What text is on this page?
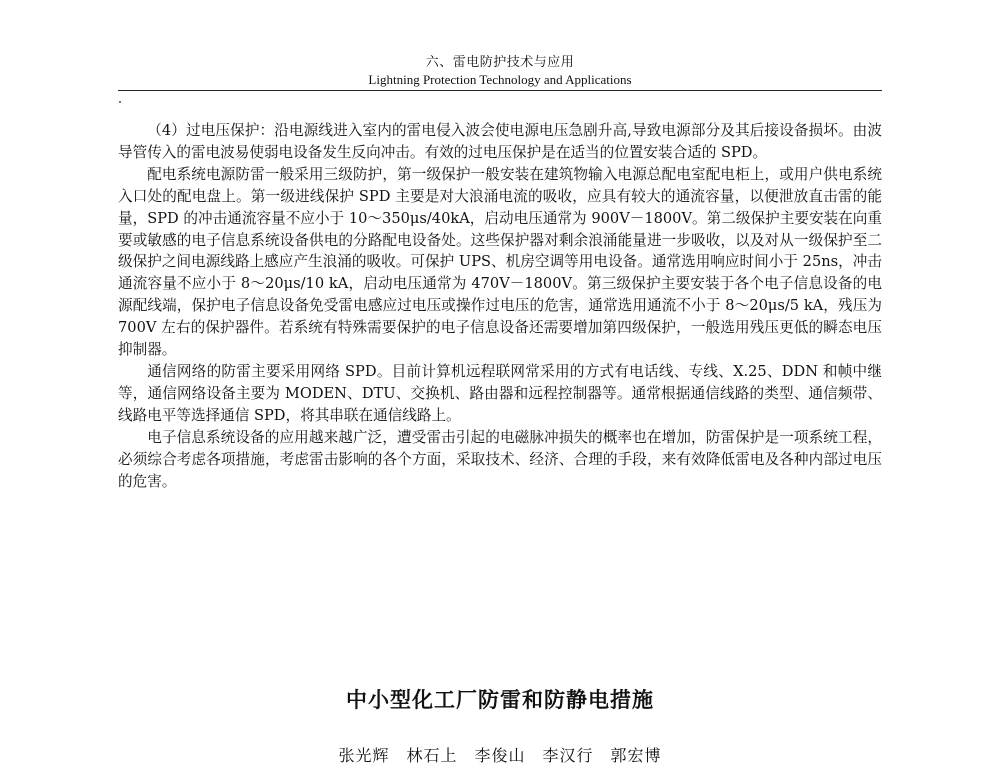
六、雷电防护技术与应用
Lightning Protection Technology and Applications

（4）过电压保护：沿电源线进入室内的雷电侵入波会使电源电压急剧升高,导致电源部分及其后接设备损坏。由波导管传入的雷电波易使弱电设备发生反向冲击。有效的过电压保护是在适当的位置安装合适的 SPD。

配电系统电源防雷一般采用三级防护，第一级保护一般安装在建筑物输入电源总配电室配电柜上，或用户供电系统入口处的配电盘上。第一级进线保护 SPD 主要是对大浪涌电流的吸收，应具有较大的通流容量，以便泄放直击雷的能量，SPD 的冲击通流容量不应小于 10～350μs/40kA，启动电压通常为 900V－1800V。第二级保护主要安装在向重要或敏感的电子信息系统设备供电的分路配电设备处。这些保护器对剩余浪涌能量进一步吸收，以及对从一级保护至二级保护之间电源线路上感应产生浪涌的吸收。可保护 UPS、机房空调等用电设备。通常选用响应时间小于 25ns，冲击通流容量不应小于 8～20μs/10 kA，启动电压通常为 470V－1800V。第三级保护主要安装于各个电子信息设备的电源配线端，保护电子信息设备免受雷电感应过电压或操作过电压的危害，通常选用通流不小于 8～20μs/5 kA，残压为 700V 左右的保护器件。若系统有特殊需要保护的电子信息设备还需要增加第四级保护，一般选用残压更低的瞬态电压抑制器。

通信网络的防雷主要采用网络 SPD。目前计算机远程联网常采用的方式有电话线、专线、X.25、DDN 和帧中继等，通信网络设备主要为 MODEN、DTU、交换机、路由器和远程控制器等。通常根据通信线路的类型、通信频带、线路电平等选择通信 SPD，将其串联在通信线路上。

电子信息系统设备的应用越来越广泛，遭受雷击引起的电磁脉冲损失的概率也在增加，防雷保护是一项系统工程，必须综合考虑各项措施，考虑雷击影响的各个方面，采取技术、经济、合理的手段，来有效降低雷电及各种内部过电压的危害。

中小型化工厂防雷和防静电措施
张光辉　林石上　李俊山　李汉行　郭宏博
